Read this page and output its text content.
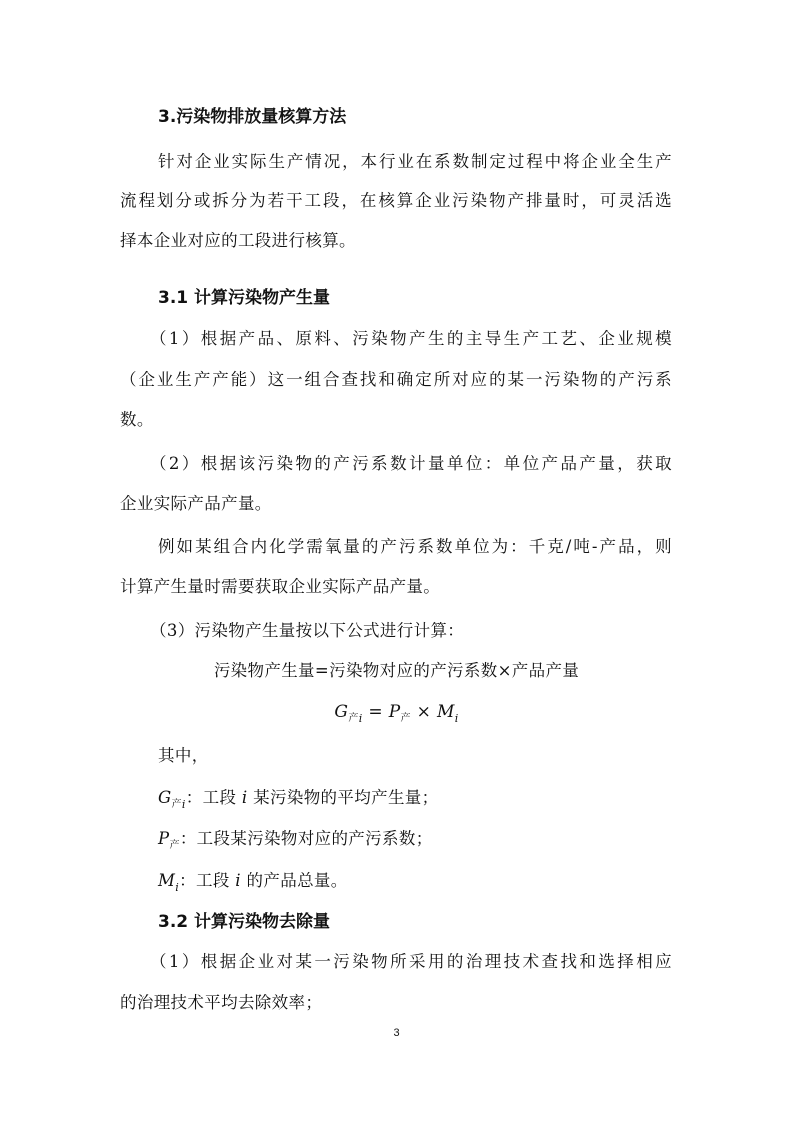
3.污染物排放量核算方法
针对企业实际生产情况，本行业在系数制定过程中将企业全生产
流程划分或拆分为若干工段，在核算企业污染物产排量时，可灵活选
择本企业对应的工段进行核算。
3.1 计算污染物产生量
（1）根据产品、原料、污染物产生的主导生产工艺、企业规模
（企业生产产能）这一组合查找和确定所对应的某一污染物的产污系
数。
（2）根据该污染物的产污系数计量单位：单位产品产量，获取
企业实际产品产量。
例如某组合内化学需氧量的产污系数单位为：千克/吨-产品，则
计算产生量时需要获取企业实际产品产量。
（3）污染物产生量按以下公式进行计算：
污染物产生量=污染物对应的产污系数×产品产量
$G_{产i} = P_产 \times M_i$
其中，
$G_{产i}$：工段 i 某污染物的平均产生量；
$P_产$：工段某污染物对应的产污系数；
$M_i$：工段 i 的产品总量。
3.2 计算污染物去除量
（1）根据企业对某一污染物所采用的治理技术查找和选择相应
的治理技术平均去除效率；
3
